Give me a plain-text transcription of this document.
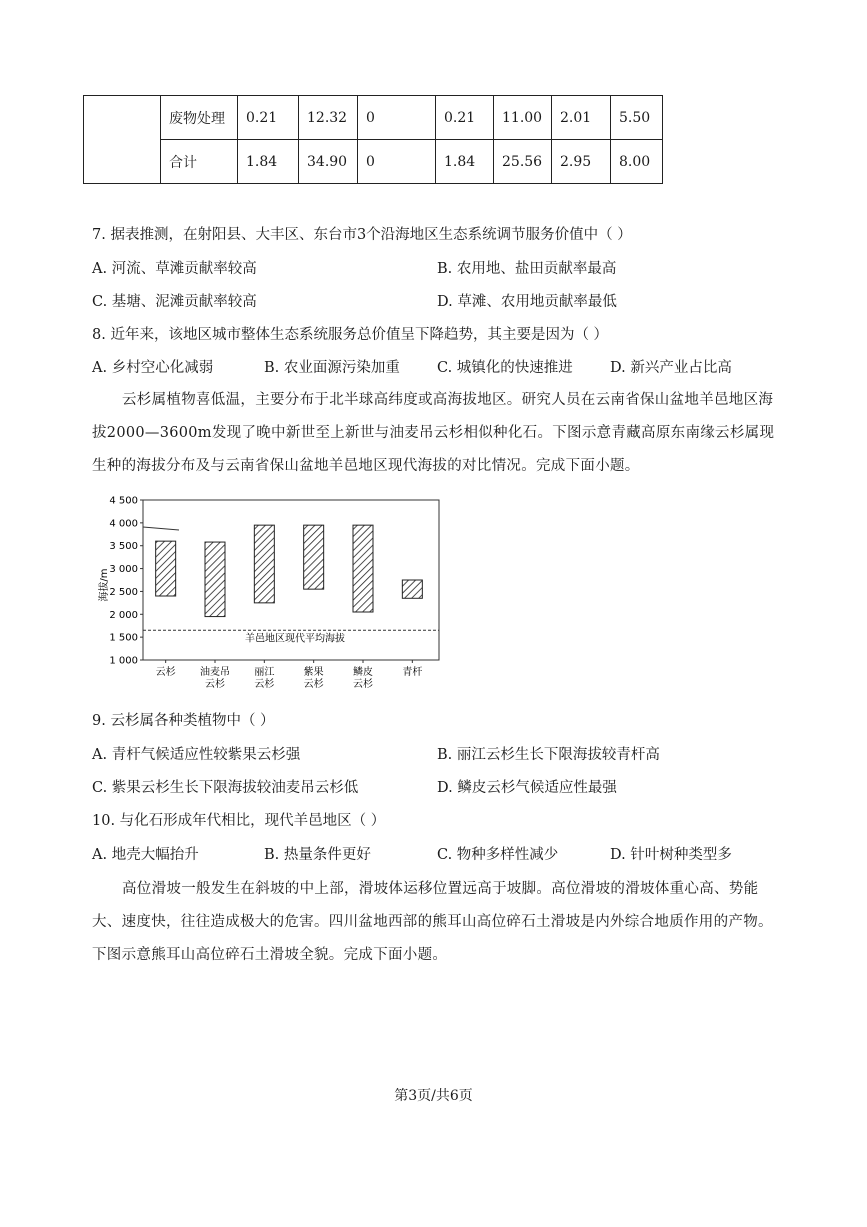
	废物处理	0.21	12.32	0	0.21	11.00	2.01	5.50
	合计	1.84	34.90	0	1.84	25.56	2.95	8.00
7. 据表推测，在射阳县、大丰区、东台市3个沿海地区生态系统调节服务价值中（ ）
A. 河流、草滩贡献率较高	B. 农用地、盐田贡献率最高
C. 基塘、泥滩贡献率较高	D. 草滩、农用地贡献率最低
8. 近年来，该地区城市整体生态系统服务总价值呈下降趋势，其主要是因为（ ）
A. 乡村空心化减弱	B. 农业面源污染加重	C. 城镇化的快速推进	D. 新兴产业占比高
云杉属植物喜低温，主要分布于北半球高纬度或高海拔地区。研究人员在云南省保山盆地羊邑地区海拔2000—3600m发现了晚中新世至上新世与油麦吊云杉相似种化石。下图示意青藏高原东南缘云杉属现生种的海拔分布及与云南省保山盆地羊邑地区现代海拔的对比情况。完成下面小题。
海拔/m
1 000
1 500
2 000
2 500
3 000
3 500
4 000
4 500
羊邑地区现代平均海拔
云杉 油麦吊
云杉
丽江
云杉
紫果
云杉
鳞皮
云杉
青杆
9. 云杉属各种类植物中（ ）
A. 青杆气候适应性较紫果云杉强	B. 丽江云杉生长下限海拔较青杆高
C. 紫果云杉生长下限海拔较油麦吊云杉低	D. 鳞皮云杉气候适应性最强
10. 与化石形成年代相比，现代羊邑地区（ ）
A. 地壳大幅抬升	B. 热量条件更好	C. 物种多样性减少	D. 针叶树种类型多
高位滑坡一般发生在斜坡的中上部，滑坡体运移位置远高于坡脚。高位滑坡的滑坡体重心高、势能大、速度快，往往造成极大的危害。四川盆地西部的熊耳山高位碎石土滑坡是内外综合地质作用的产物。下图示意熊耳山高位碎石土滑坡全貌。完成下面小题。
第3页/共6页
